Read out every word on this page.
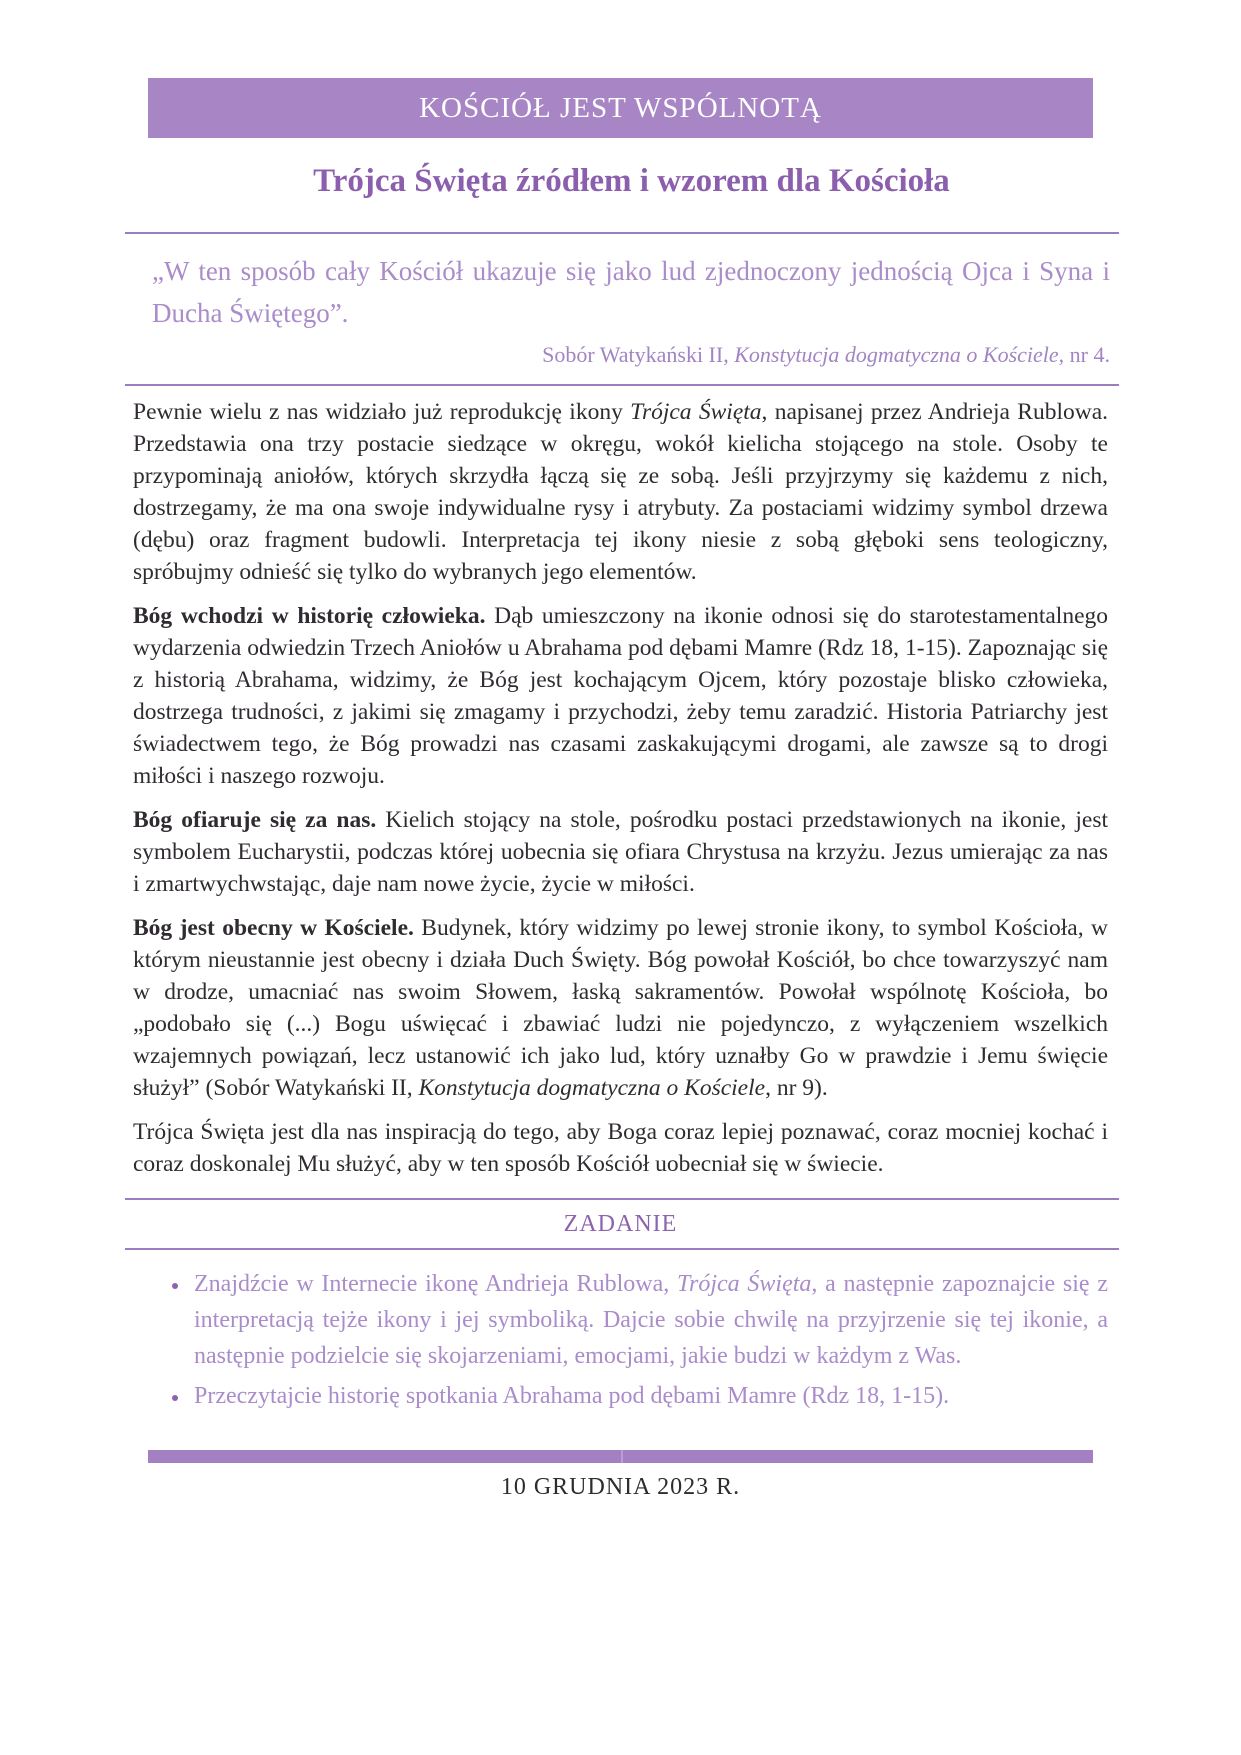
KOŚCIÓŁ JEST WSPÓLNOTĄ
Trójca Święta źródłem i wzorem dla Kościoła
„W ten sposób cały Kościół ukazuje się jako lud zjednoczony jednością Ojca i Syna i Ducha Świętego”.
Sobór Watykański II, Konstytucja dogmatyczna o Kościele, nr 4.

Pewnie wielu z nas widziało już reprodukcję ikony Trójca Święta, napisanej przez Andrieja Rublowa. Przedstawia ona trzy postacie siedzące w okręgu, wokół kielicha stojącego na stole. Osoby te przypominają aniołów, których skrzydła łączą się ze sobą. Jeśli przyjrzymy się każdemu z nich, dostrzegamy, że ma ona swoje indywidualne rysy i atrybuty. Za postaciami widzimy symbol drzewa (dębu) oraz fragment budowli. Interpretacja tej ikony niesie z sobą głęboki sens teologiczny, spróbujmy odnieść się tylko do wybranych jego elementów.

Bóg wchodzi w historię człowieka. Dąb umieszczony na ikonie odnosi się do starotestamentalnego wydarzenia odwiedzin Trzech Aniołów u Abrahama pod dębami Mamre (Rdz 18, 1-15). Zapoznając się z historią Abrahama, widzimy, że Bóg jest kochającym Ojcem, który pozostaje blisko człowieka, dostrzega trudności, z jakimi się zmagamy i przychodzi, żeby temu zaradzić. Historia Patriarchy jest świadectwem tego, że Bóg prowadzi nas czasami zaskakującymi drogami, ale zawsze są to drogi miłości i naszego rozwoju.

Bóg ofiaruje się za nas. Kielich stojący na stole, pośrodku postaci przedstawionych na ikonie, jest symbolem Eucharystii, podczas której uobecnia się ofiara Chrystusa na krzyżu. Jezus umierając za nas i zmartwychwstając, daje nam nowe życie, życie w miłości.

Bóg jest obecny w Kościele. Budynek, który widzimy po lewej stronie ikony, to symbol Kościoła, w którym nieustannie jest obecny i działa Duch Święty. Bóg powołał Kościół, bo chce towarzyszyć nam w drodze, umacniać nas swoim Słowem, łaską sakramentów. Powołał wspólnotę Kościoła, bo „podobało się (...) Bogu uświęcać i zbawiać ludzi nie pojedynczo, z wyłączeniem wszelkich wzajemnych powiązań, lecz ustanowić ich jako lud, który uznałby Go w prawdzie i Jemu święcie służył” (Sobór Watykański II, Konstytucja dogmatyczna o Kościele, nr 9).

Trójca Święta jest dla nas inspiracją do tego, aby Boga coraz lepiej poznawać, coraz mocniej kochać i coraz doskonalej Mu służyć, aby w ten sposób Kościół uobecniał się w świecie.

ZADANIE
• Znajdźcie w Internecie ikonę Andrieja Rublowa, Trójca Święta, a następnie zapoznajcie się z interpretacją tejże ikony i jej symboliką. Dajcie sobie chwilę na przyjrzenie się tej ikonie, a następnie podzielcie się skojarzeniami, emocjami, jakie budzi w każdym z Was.
• Przeczytajcie historię spotkania Abrahama pod dębami Mamre (Rdz 18, 1-15).
10 GRUDNIA 2023 R.
